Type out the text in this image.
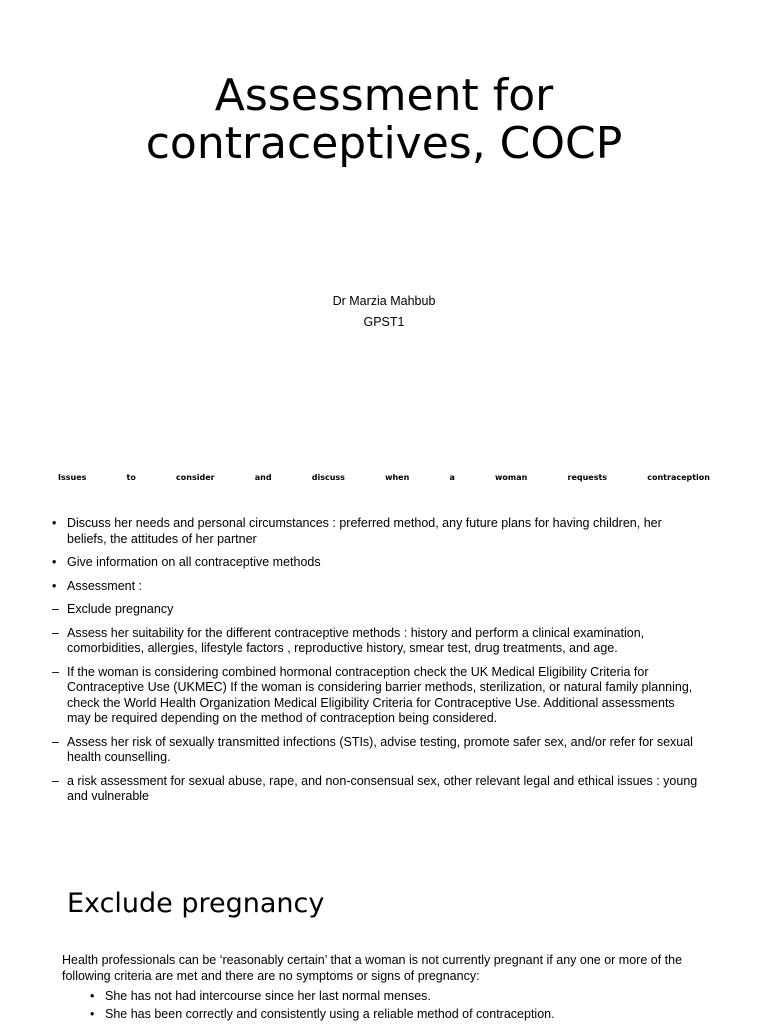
Assessment for
contraceptives, COCP
Dr Marzia Mahbub
GPST1
Issues	to	consider	and	discuss	when	a	woman	requests	contraception
• Discuss her needs and personal circumstances : preferred method, any future plans for having children, her beliefs, the attitudes of her partner
• Give information on all contraceptive methods
• Assessment :
– Exclude pregnancy
– Assess her suitability for the different contraceptive methods : history and perform a clinical examination, comorbidities, allergies, lifestyle factors , reproductive history, smear test, drug treatments, and age.
– If the woman is considering combined hormonal contraception check the UK Medical Eligibility Criteria for Contraceptive Use (UKMEC) If the woman is considering barrier methods, sterilization, or natural family planning, check the World Health Organization Medical Eligibility Criteria for Contraceptive Use. Additional assessments may be required depending on the method of contraception being considered.
– Assess her risk of sexually transmitted infections (STIs), advise testing, promote safer sex, and/or refer for sexual health counselling.
– a risk assessment for sexual abuse, rape, and non-consensual sex, other relevant legal and ethical issues : young and vulnerable
Exclude pregnancy
Health professionals can be ‘reasonably certain’ that a woman is not currently pregnant if any one or more of the following criteria are met and there are no symptoms or signs of pregnancy:
• She has not had intercourse since her last normal menses.
• She has been correctly and consistently using a reliable method of contraception.
